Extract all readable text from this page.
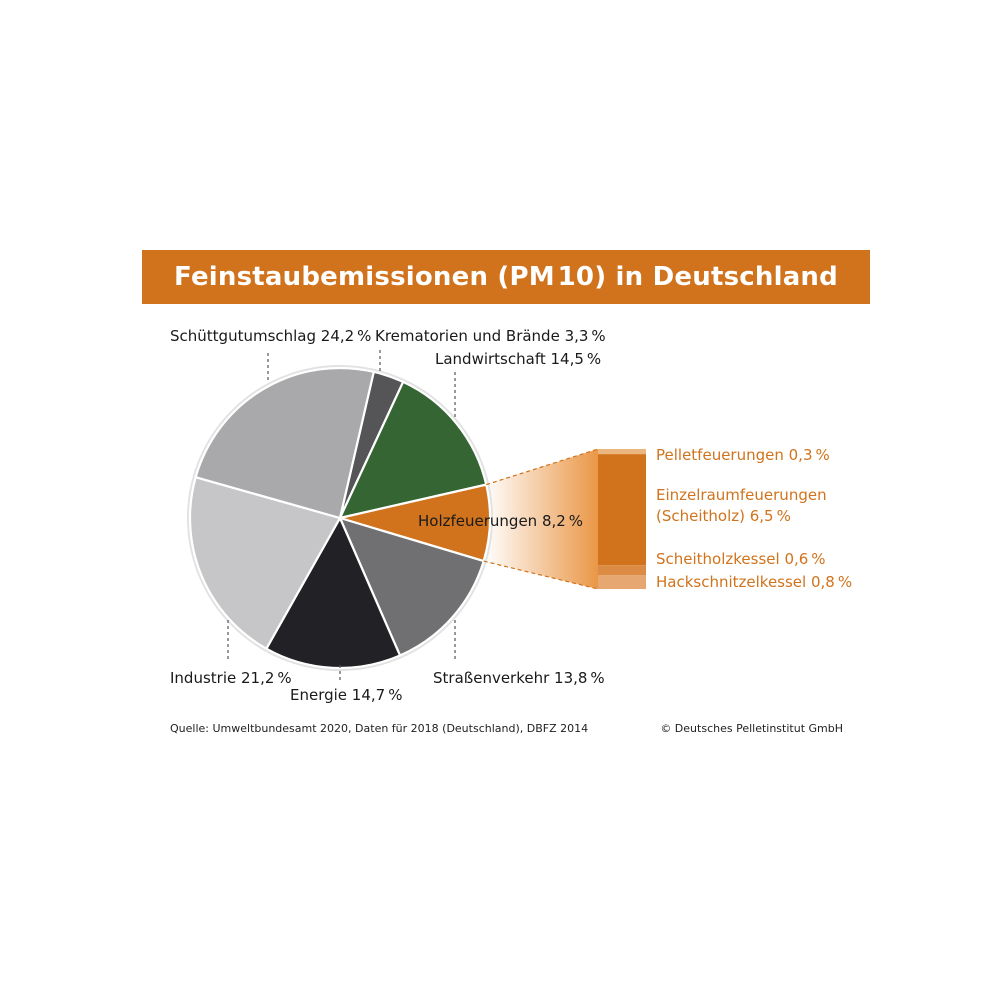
Feinstaubemissionen (PM 10) in Deutschland
Krematorien und Brände 3,3 %
Landwirtschaft 14,5 %
Holzfeuerungen 8,2 %
Straßenverkehr 13,8 %
Energie 14,7 %
Industrie 21,2 %
Schüttgutumschlag 24,2 %
Pelletfeuerungen 0,3 %
Einzelraumfeuerungen
(Scheitholz) 6,5 %
Scheitholzkessel 0,6 %
Hackschnitzelkessel 0,8 %
Quelle: Umweltbundesamt 2020, Daten für 2018 (Deutschland), DBFZ 2014	© Deutsches Pelletinstitut GmbH
